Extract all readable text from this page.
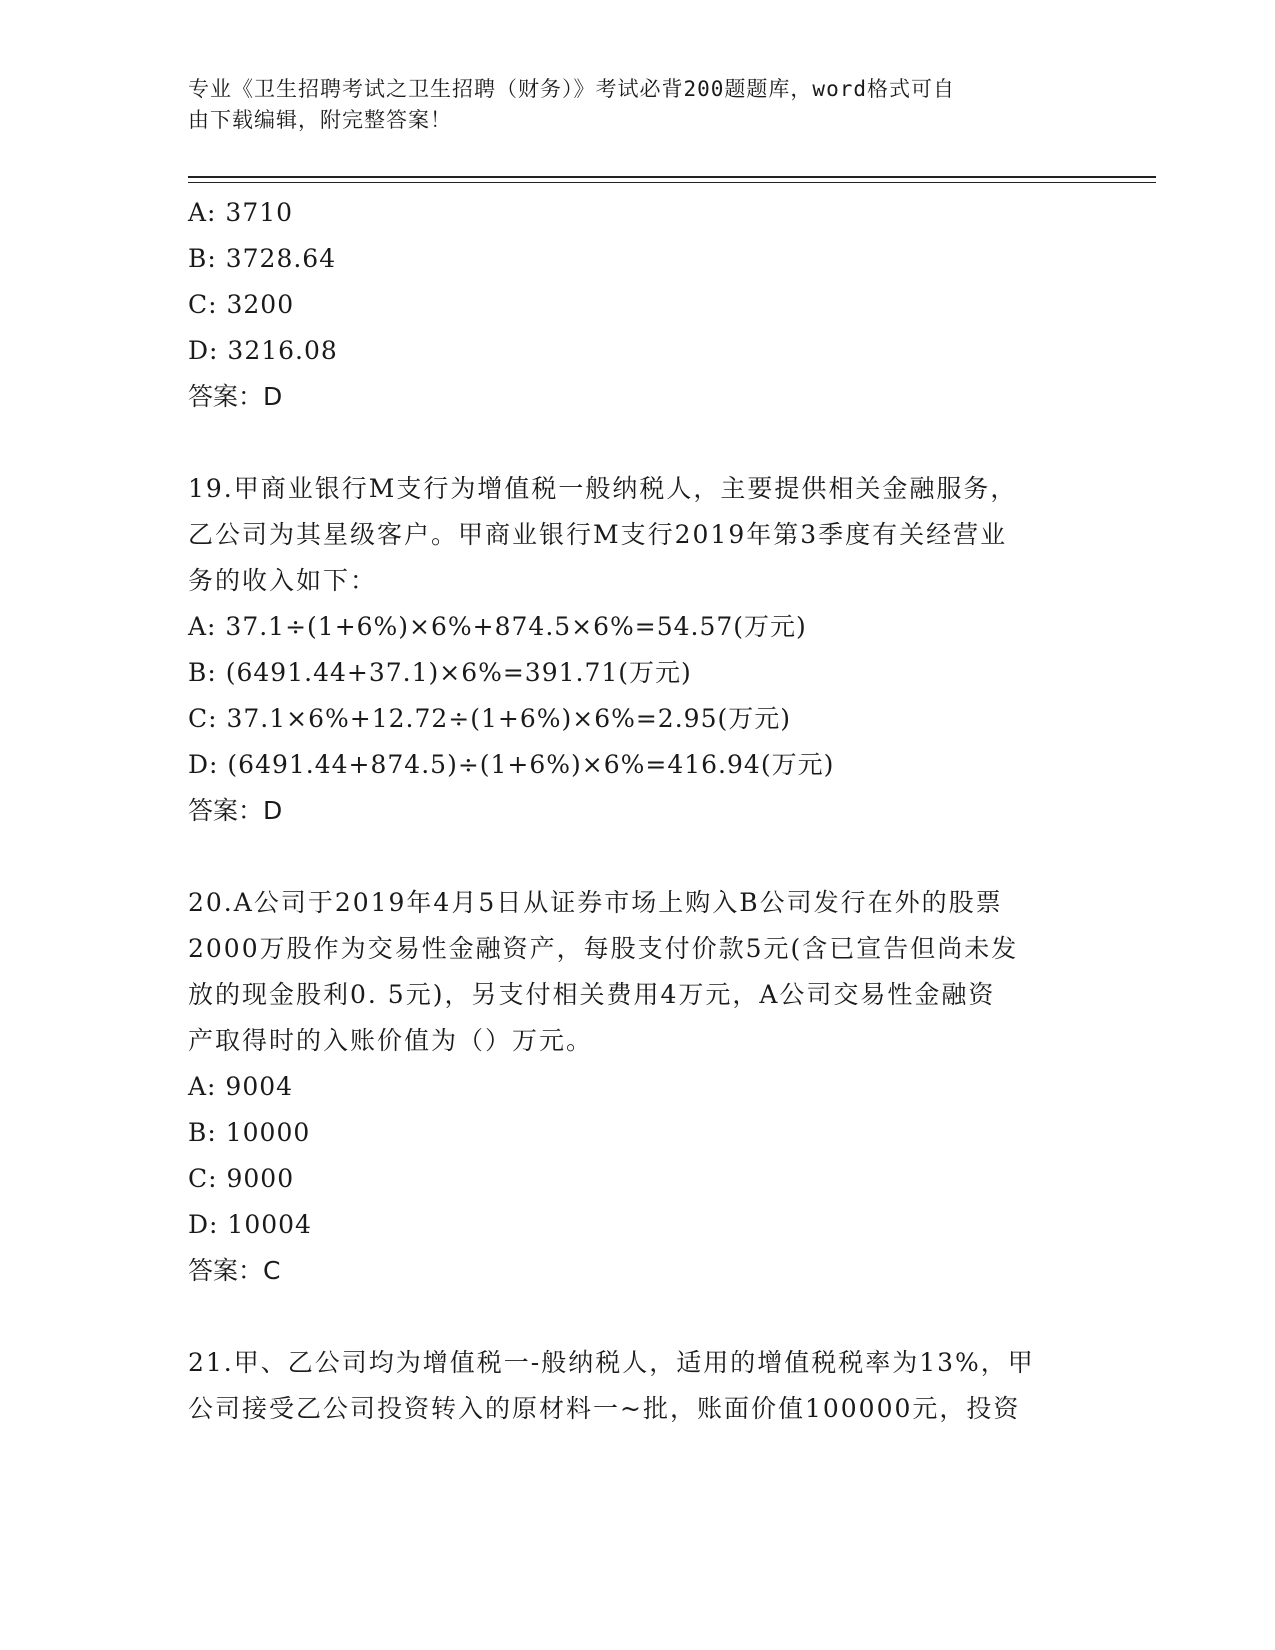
专业《卫生招聘考试之卫生招聘（财务）》考试必背200题题库，word格式可自
由下载编辑，附完整答案！
A: 3710
B: 3728.64
C: 3200
D: 3216.08
答案：D
19.甲商业银行M支行为增值税一般纳税人，主要提供相关金融服务，
乙公司为其星级客户。甲商业银行M支行2019年第3季度有关经营业
务的收入如下：
A: 37.1÷(1+6%)×6%+874.5×6%=54.57(万元)
B: (6491.44+37.1)×6%=391.71(万元)
C: 37.1×6%+12.72÷(1+6%)×6%=2.95(万元)
D: (6491.44+874.5)÷(1+6%)×6%=416.94(万元)
答案：D
20.A公司于2019年4月5日从证券市场上购入B公司发行在外的股票
2000万股作为交易性金融资产，每股支付价款5元(含已宣告但尚未发
放的现金股利0. 5元)，另支付相关费用4万元，A公司交易性金融资
产取得时的入账价值为（）万元。
A: 9004
B: 10000
C: 9000
D: 10004
答案：C
21.甲、乙公司均为增值税一-般纳税人，适用的增值税税率为13%，甲
公司接受乙公司投资转入的原材料一~批，账面价值100000元，投资
